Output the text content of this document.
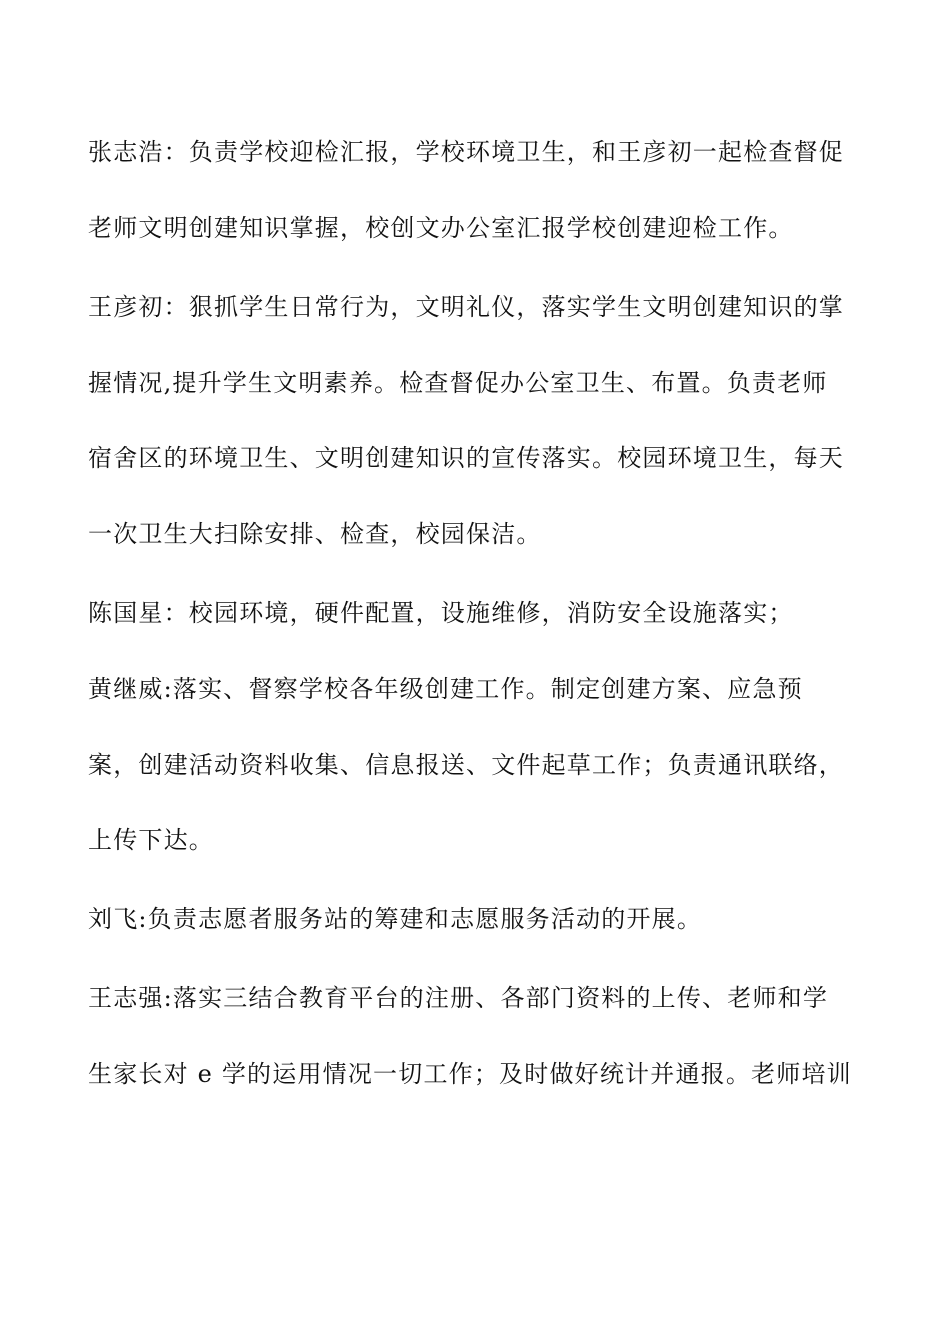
张志浩：负责学校迎检汇报，学校环境卫生，和王彦初一起检查督促
老师文明创建知识掌握，校创文办公室汇报学校创建迎检工作。
王彦初：狠抓学生日常行为，文明礼仪，落实学生文明创建知识的掌
握情况,提升学生文明素养。检查督促办公室卫生、布置。负责老师
宿舍区的环境卫生、文明创建知识的宣传落实。校园环境卫生，每天
一次卫生大扫除安排、检查，校园保洁。
陈国星：校园环境，硬件配置，设施维修，消防安全设施落实；
黄继威:落实、督察学校各年级创建工作。制定创建方案、应急预
案，创建活动资料收集、信息报送、文件起草工作；负责通讯联络，
上传下达。
刘飞:负责志愿者服务站的筹建和志愿服务活动的开展。
王志强:落实三结合教育平台的注册、各部门资料的上传、老师和学
生家长对 e 学的运用情况一切工作；及时做好统计并通报。老师培训
